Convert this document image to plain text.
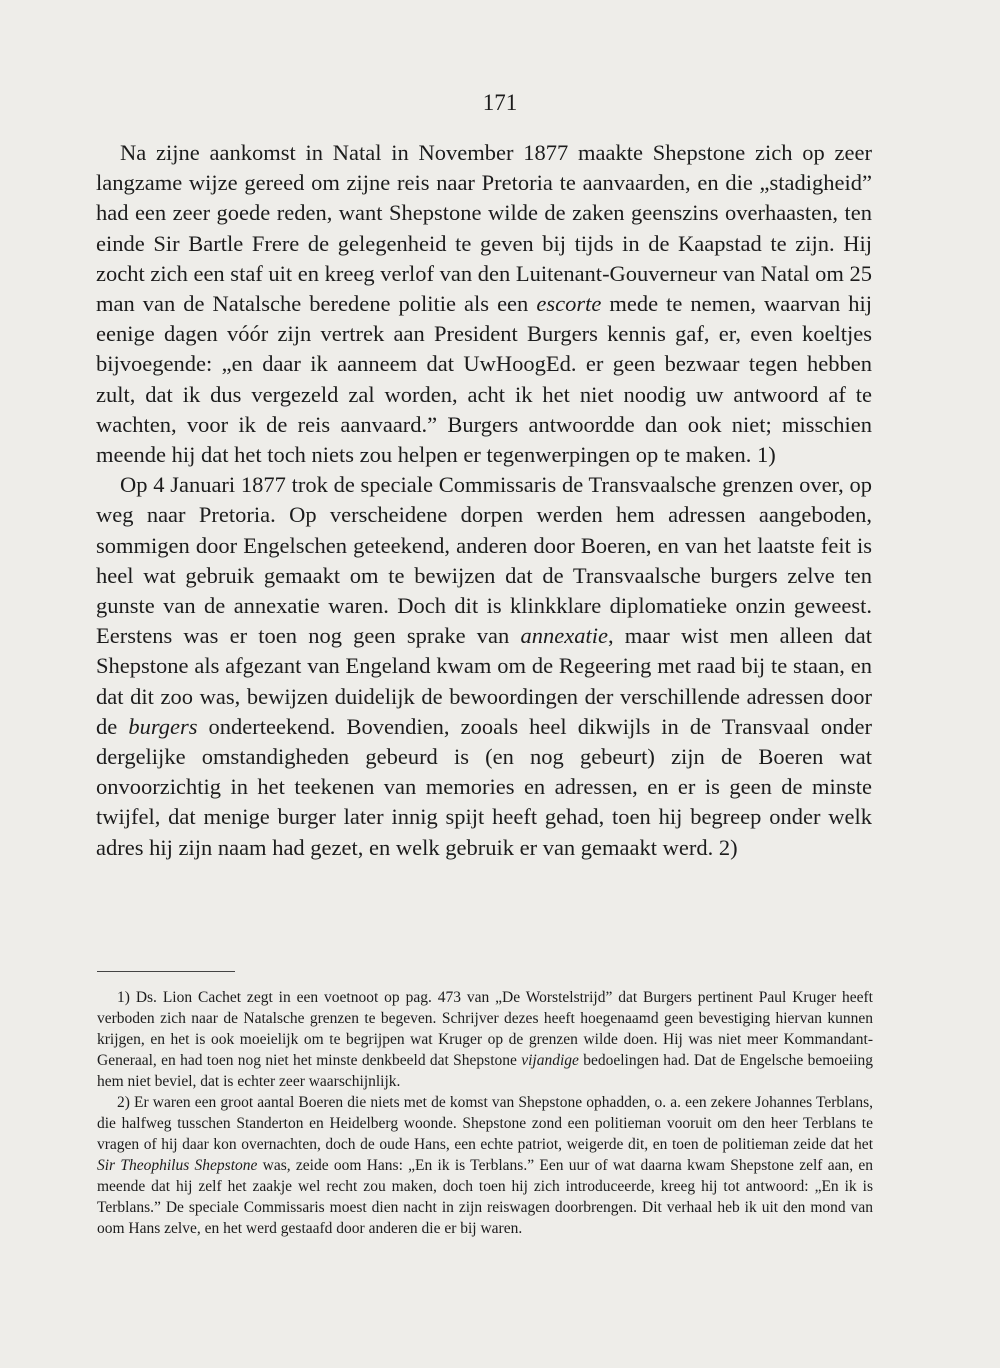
171

Na zijne aankomst in Natal in November 1877 maakte Shepstone zich op zeer langzame wijze gereed om zijne reis naar Pretoria te aanvaarden, en die „stadigheid” had een zeer goede reden, want Shepstone wilde de zaken geenszins overhaasten, ten einde Sir Bartle Frere de gelegenheid te geven bij tijds in de Kaapstad te zijn. Hij zocht zich een staf uit en kreeg verlof van den Luitenant-Gouverneur van Natal om 25 man van de Natalsche beredene politie als een escorte mede te nemen, waarvan hij eenige dagen vóór zijn vertrek aan President Burgers kennis gaf, er, even koeltjes bijvoegende: „en daar ik aanneem dat UwHoogEd. er geen bezwaar tegen hebben zult, dat ik dus vergezeld zal worden, acht ik het niet noodig uw antwoord af te wachten, voor ik de reis aanvaard.” Burgers antwoordde dan ook niet; misschien meende hij dat het toch niets zou helpen er tegenwerpingen op te maken. 1)

Op 4 Januari 1877 trok de speciale Commissaris de Transvaalsche grenzen over, op weg naar Pretoria. Op verscheidene dorpen werden hem adressen aangeboden, sommigen door Engelschen geteekend, anderen door Boeren, en van het laatste feit is heel wat gebruik gemaakt om te bewijzen dat de Transvaalsche burgers zelve ten gunste van de annexatie waren. Doch dit is klinkklare diplomatieke onzin geweest. Eerstens was er toen nog geen sprake van annexatie, maar wist men alleen dat Shepstone als afgezant van Engeland kwam om de Regeering met raad bij te staan, en dat dit zoo was, bewijzen duidelijk de bewoordingen der verschillende adressen door de burgers onderteekend. Bovendien, zooals heel dikwijls in de Transvaal onder dergelijke omstandigheden gebeurd is (en nog gebeurt) zijn de Boeren wat onvoorzichtig in het teekenen van memories en adressen, en er is geen de minste twijfel, dat menige burger later innig spijt heeft gehad, toen hij begreep onder welk adres hij zijn naam had gezet, en welk gebruik er van gemaakt werd. 2)

1) Ds. Lion Cachet zegt in een voetnoot op pag. 473 van „De Worstelstrijd” dat Burgers pertinent Paul Kruger heeft verboden zich naar de Natalsche grenzen te begeven. Schrijver dezes heeft hoegenaamd geen bevestiging hiervan kunnen krijgen, en het is ook moeielijk om te begrijpen wat Kruger op de grenzen wilde doen. Hij was niet meer Kommandant-Generaal, en had toen nog niet het minste denkbeeld dat Shepstone vijandige bedoelingen had. Dat de Engelsche bemoeiing hem niet beviel, dat is echter zeer waarschijnlijk.

2) Er waren een groot aantal Boeren die niets met de komst van Shepstone ophadden, o. a. een zekere Johannes Terblans, die halfweg tusschen Standerton en Heidelberg woonde. Shepstone zond een politieman vooruit om den heer Terblans te vragen of hij daar kon overnachten, doch de oude Hans, een echte patriot, weigerde dit, en toen de politieman zeide dat het Sir Theophilus Shepstone was, zeide oom Hans: „En ik is Terblans.” Een uur of wat daarna kwam Shepstone zelf aan, en meende dat hij zelf het zaakje wel recht zou maken, doch toen hij zich introduceerde, kreeg hij tot antwoord: „En ik is Terblans.” De speciale Commissaris moest dien nacht in zijn reiswagen doorbrengen. Dit verhaal heb ik uit den mond van oom Hans zelve, en het werd gestaafd door anderen die er bij waren.
